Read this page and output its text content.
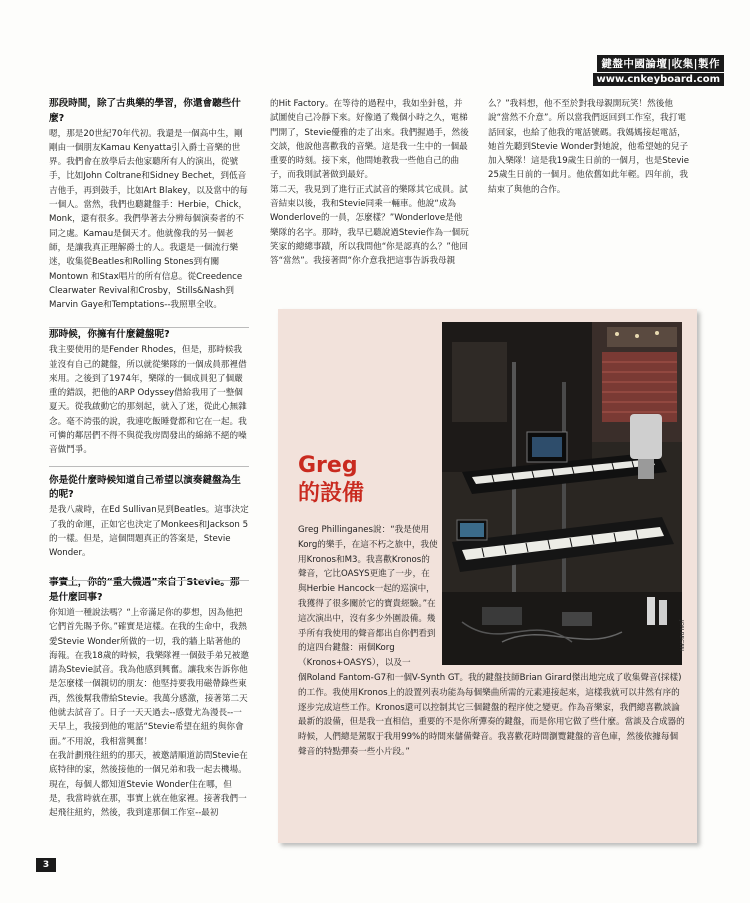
鍵盤中國論壇|收集|製作
www.cnkeyboard.com

那段時間，除了古典樂的學習，你還會聽些什麼?

嗯，那是20世紀70年代初。我還是一個高中生，剛剛由一個朋友Kamau Kenyatta引入爵士音樂的世界。我們會在放學后去他家聽所有人的演出，從號手，比如John Coltrane和Sidney Bechet，到低音吉他手，再到鼓手，比如Art Blakey，以及當中的每一個人。當然，我們也聽鍵盤手：Herbie，Chick，Monk，還有很多。我們學著去分辨每個演奏者的不同之處。Kamau是個天才。他就像我的另一個老師，是讓我真正理解爵士的人。我還是一個流行樂迷，收集從Beatles和Rolling Stones到有關Montown 和Stax唱片的所有信息。從Creedence Clearwater Revival和Crosby，Stills&Nash到Marvin Gaye和Temptations--我照單全收。

那時候，你擁有什麼鍵盤呢?

我主要使用的是Fender Rhodes，但是，那時候我並沒有自己的鍵盤，所以就從樂隊的一個成員那裡借來用。之後到了1974年，樂隊的一個成員犯了個嚴重的錯誤，把他的ARP Odyssey借給我用了一整個夏天。從我啟動它的那刻起，就入了迷，從此心無雜念。毫不誇張的說，我連吃飯睡覺都和它在一起。我可憐的鄰居們不得不與從我房間發出的綿綿不絕的噪音做鬥爭。

你是從什麼時候知道自己希望以演奏鍵盤為生的呢?

是我八歲時，在Ed Sullivan見到Beatles。這事決定了我的命運，正如它也決定了Monkees和Jackson 5的一樣。但是，這個問題真正的答案是，Stevie Wonder。

事實上，你的“重大機遇”來自于Stevie。那是什麼回事?

你知道一種說法嗎？“上帝滿足你的夢想，因為他把它們首先賜予你。”確實是這樣。在我的生命中，我熱愛Stevie Wonder所做的一切，我的牆上貼著他的海報。在我18歲的時候，我樂隊裡一個鼓手弟兄被邀請為Stevie試音。我為他感到興奮。讓我來告訴你他是怎麼樣一個親切的朋友：他堅持要我用磁帶錄些東西，然後幫我帶給Stevie。我萬分感激，接著第二天他就去試音了。日子一天天過去--感覺尤為漫長--一天早上，我接到他的電話“Stevie希望在紐約與你會面。”不用說，我相當興奮！

在我計劃飛往紐約的那天，被邀請順道訪問Stevie在底特律的家，然後接他的一個兄弟和我一起去機場。現在，每個人都知道Stevie Wonder住在哪，但是，我當時就在那，事實上就在他家裡。接著我們一起飛往紐約，然後，我到達那個工作室--最初

的Hit Factory。在等待的過程中，我如坐針毯，并試圖使自己冷靜下來。好像過了幾個小時之久，電梯門開了，Stevie優雅的走了出來。我們握過手，然後交談，他說他喜歡我的音樂。這是我一生中的一個最重要的時刻。接下來，他問她教我一些他自己的曲子，而我則試著做到最好。

第二天，我見到了進行正式試音的樂隊其它成員。試音結束以後，我和Stevie同乘一輛車。他說“成為Wonderlove的一員，怎麼樣？”Wonderlove是他樂隊的名字。那時，我早已聽說過Stevie作為一個玩笑家的總總事蹟，所以我問他“你是認真的么？”他回答“當然”。我接著問“你介意我把這事告訴我母親

么？”我料想，他不至於對我母親開玩笑！然後他說“當然不介意”。所以當我們返回到工作室，我打電話回家，也給了他我的電話號碼。我媽媽接起電話，她首先聽到Stevie Wonder對她說，他希望她的兒子加入樂隊！這是我19歲生日前的一個月，也是Stevie 25歲生日前的一個月。他依舊如此年輕。四年前，我結束了與他的合作。

JON REGEN
Greg
的設備
Greg Phillinganes說：“我是使用Korg的樂手，在這不朽之旅中，我使用Kronos和M3。我喜歡Kronos的聲音，它比OASYS更進了一步，在與Herbie Hancock一起的巡演中，我獲得了很多關於它的寶貴經驗。”在這次演出中，沒有多少外圍設備。幾乎所有我使用的聲音都出自你們看到的這四台鍵盤：兩個Korg（Kronos+OASYS），以及一
個Roland Fantom-G7和一個V-Synth GT。我的鍵盤技師Brian Girard傑出地完成了收集聲音(採樣)的工作。我使用Kronos上的設置列表功能為每個樂曲所需的元素連接起來，這樣我就可以井然有序的逐步完成這些工作。Kronos還可以控制其它三個鍵盤的程序使之變更。作為音樂家，我們總喜歡談論最新的設備，但是我一直相信，重要的不是你所彈奏的鍵盤，而是你用它做了些什麼。當談及合成器的時候，人們總是駕馭于我用99%的時間來儲備聲音。我喜歡花時間瀏覽鍵盤的音色庫，然後依據每個聲音的特點彈奏一些小片段。”
3
